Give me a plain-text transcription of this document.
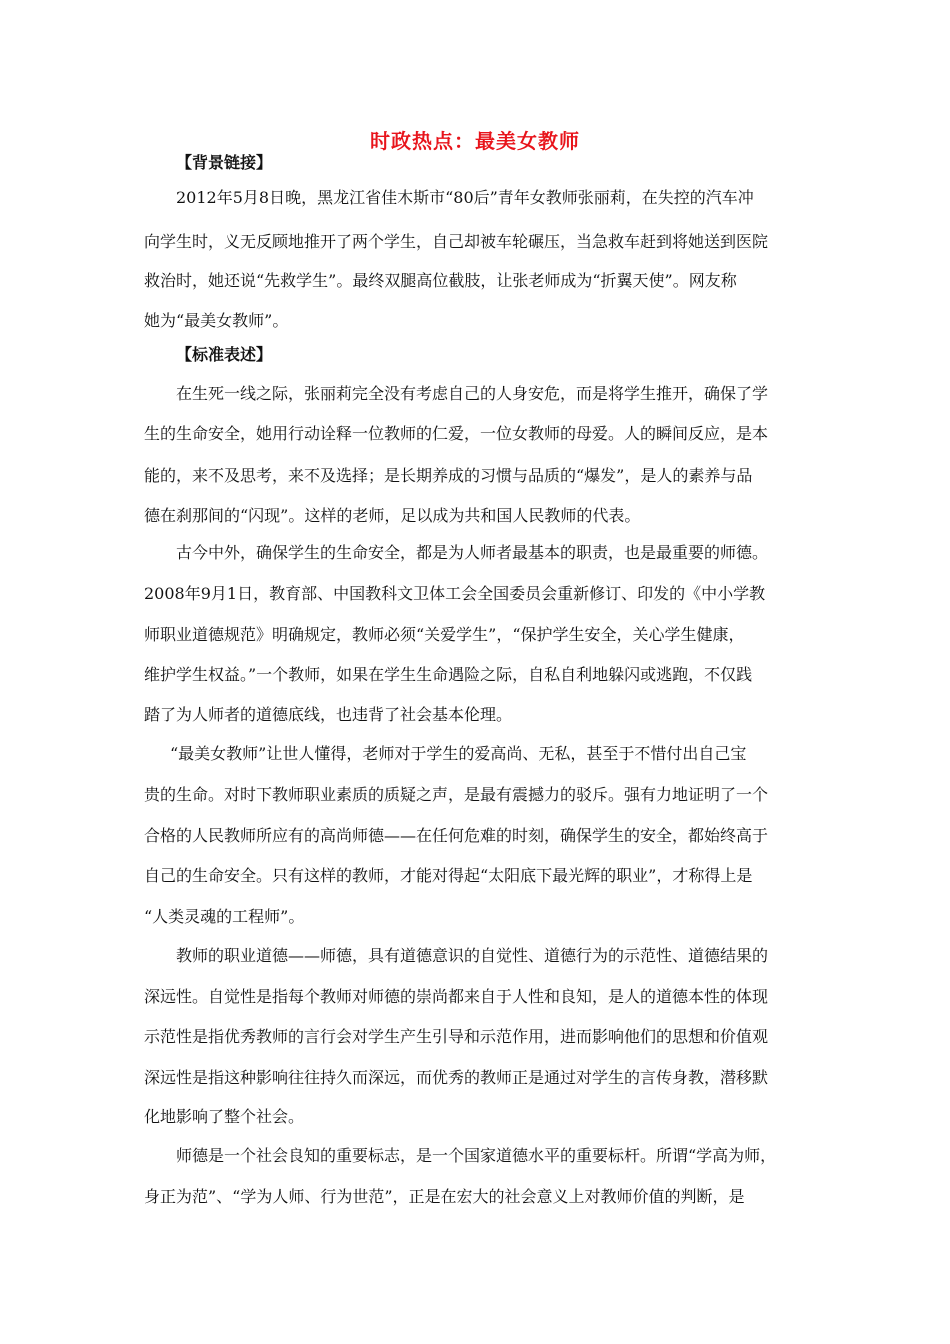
时政热点：最美女教师
【背景链接】
2012年5月8日晚，黑龙江省佳木斯市“80后”青年女教师张丽莉，在失控的汽车冲
向学生时，义无反顾地推开了两个学生，自己却被车轮碾压，当急救车赶到将她送到医院
救治时，她还说“先救学生”。最终双腿高位截肢，让张老师成为“折翼天使”。网友称
她为“最美女教师”。
【标准表述】
在生死一线之际，张丽莉完全没有考虑自己的人身安危，而是将学生推开，确保了学
生的生命安全，她用行动诠释一位教师的仁爱，一位女教师的母爱。人的瞬间反应，是本
能的，来不及思考，来不及选择；是长期养成的习惯与品质的“爆发”，是人的素养与品
德在刹那间的“闪现”。这样的老师，足以成为共和国人民教师的代表。
古今中外，确保学生的生命安全，都是为人师者最基本的职责，也是最重要的师德。
2008年9月1日，教育部、中国教科文卫体工会全国委员会重新修订、印发的《中小学教
师职业道德规范》明确规定，教师必须“关爱学生”，“保护学生安全，关心学生健康，
维护学生权益。”一个教师，如果在学生生命遇险之际，自私自利地躲闪或逃跑，不仅践
踏了为人师者的道德底线，也违背了社会基本伦理。
“最美女教师”让世人懂得，老师对于学生的爱高尚、无私，甚至于不惜付出自己宝
贵的生命。对时下教师职业素质的质疑之声，是最有震撼力的驳斥。强有力地证明了一个
合格的人民教师所应有的高尚师德——在任何危难的时刻，确保学生的安全，都始终高于
自己的生命安全。只有这样的教师，才能对得起“太阳底下最光辉的职业”，才称得上是
“人类灵魂的工程师”。
教师的职业道德——师德，具有道德意识的自觉性、道德行为的示范性、道德结果的
深远性。自觉性是指每个教师对师德的崇尚都来自于人性和良知，是人的道德本性的体现
示范性是指优秀教师的言行会对学生产生引导和示范作用，进而影响他们的思想和价值观
深远性是指这种影响往往持久而深远，而优秀的教师正是通过对学生的言传身教，潜移默
化地影响了整个社会。
师德是一个社会良知的重要标志，是一个国家道德水平的重要标杆。所谓“学高为师，
身正为范”、“学为人师、行为世范”，正是在宏大的社会意义上对教师价值的判断，是
